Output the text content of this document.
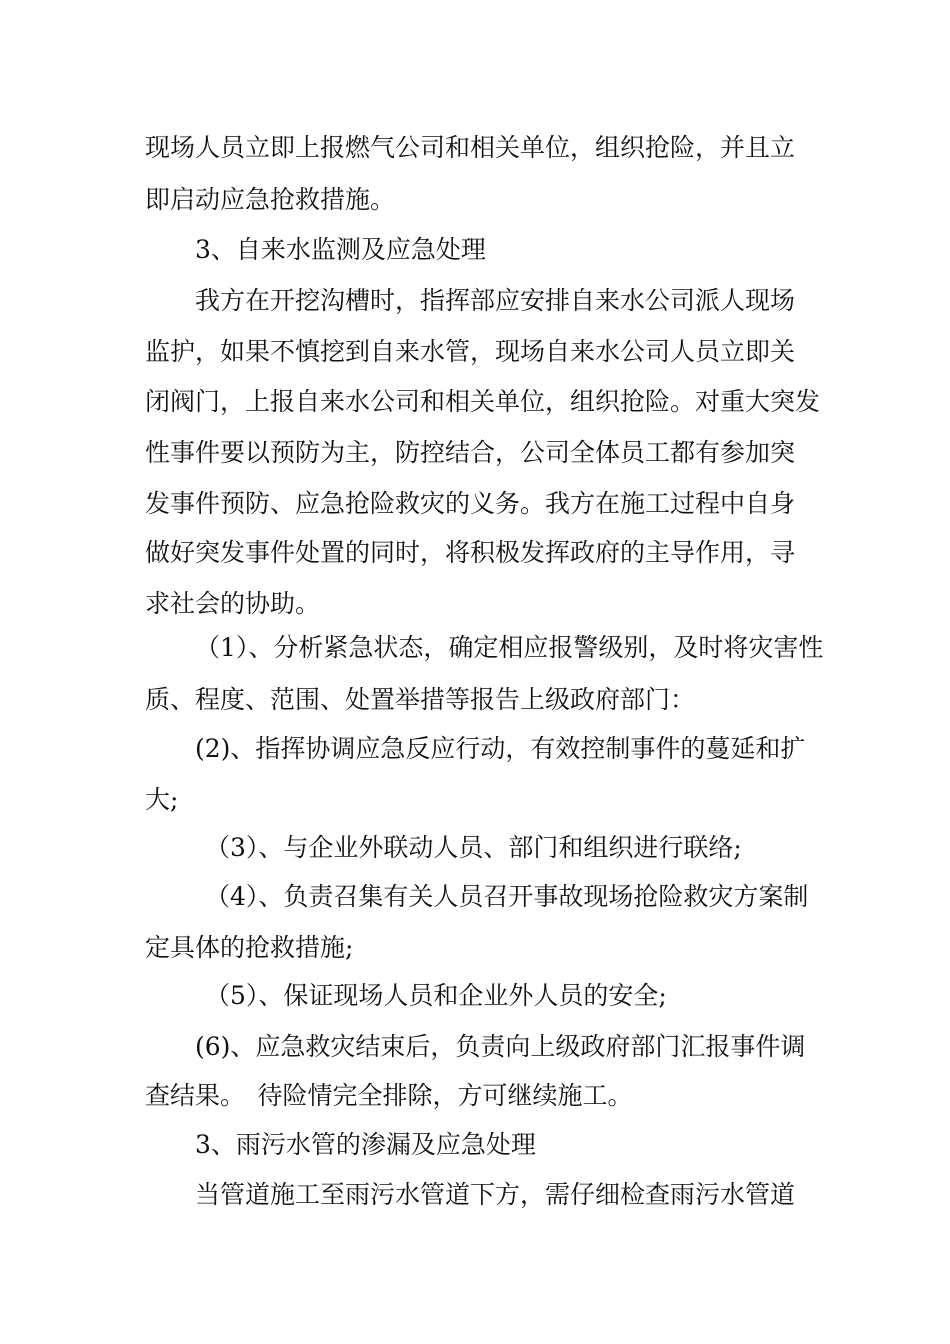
现场人员立即上报燃气公司和相关单位，组织抢险，并且立
即启动应急抢救措施。
3、自来水监测及应急处理
我方在开挖沟槽时，指挥部应安排自来水公司派人现场
监护，如果不慎挖到自来水管，现场自来水公司人员立即关
闭阀门，上报自来水公司和相关单位，组织抢险。对重大突发
性事件要以预防为主，防控结合，公司全体员工都有参加突
发事件预防、应急抢险救灾的义务。我方在施工过程中自身
做好突发事件处置的同时，将积极发挥政府的主导作用，寻
求社会的协助。
（1）、分析紧急状态，确定相应报警级别，及时将灾害性
质、程度、范围、处置举措等报告上级政府部门：
(2)、指挥协调应急反应行动，有效控制事件的蔓延和扩
大;
（3）、与企业外联动人员、部门和组织进行联络;
（4）、负责召集有关人员召开事故现场抢险救灾方案制
定具体的抢救措施;
（5）、保证现场人员和企业外人员的安全;
(6)、应急救灾结束后，负责向上级政府部门汇报事件调
查结果。　待险情完全排除，方可继续施工。
3、雨污水管的渗漏及应急处理
当管道施工至雨污水管道下方，需仔细检查雨污水管道
